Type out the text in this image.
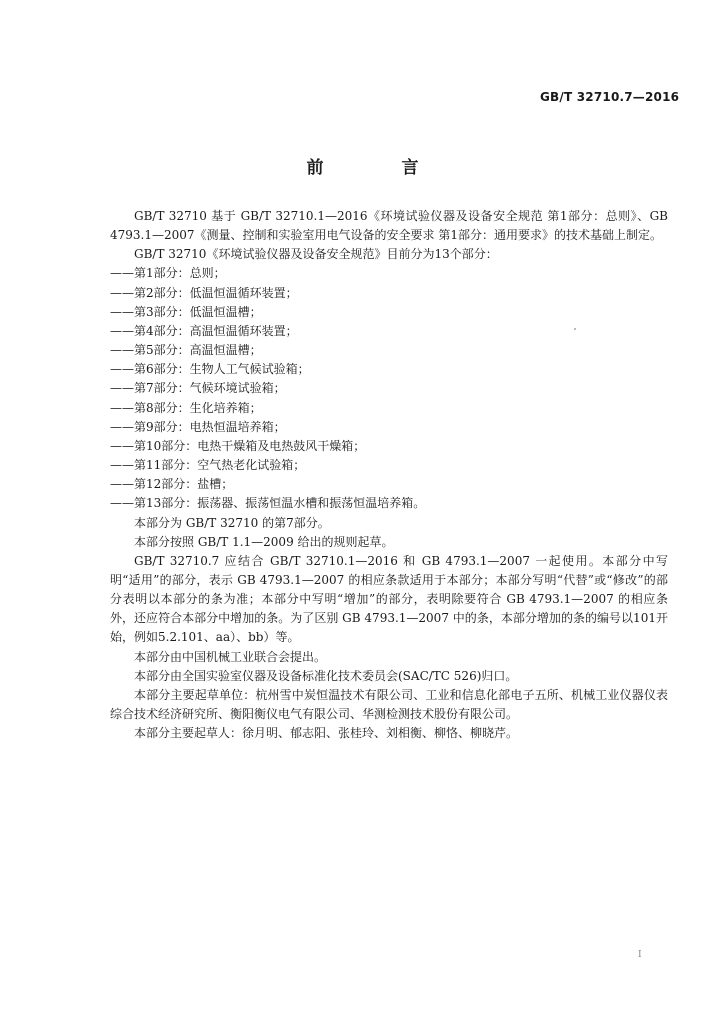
GB/T 32710.7—2016
前 言

GB/T 32710 基于 GB/T 32710.1—2016《环境试验仪器及设备安全规范 第1部分：总则》、GB 4793.1—2007《测量、控制和实验室用电气设备的安全要求 第1部分：通用要求》的技术基础上制定。

GB/T 32710《环境试验仪器及设备安全规范》目前分为13个部分：

——第1部分：总则；

——第2部分：低温恒温循环装置；

——第3部分：低温恒温槽；

——第4部分：高温恒温循环装置；

——第5部分：高温恒温槽；

——第6部分：生物人工气候试验箱；

——第7部分：气候环境试验箱；

——第8部分：生化培养箱；

——第9部分：电热恒温培养箱；

——第10部分：电热干燥箱及电热鼓风干燥箱；

——第11部分：空气热老化试验箱；

——第12部分：盐槽；

——第13部分：振荡器、振荡恒温水槽和振荡恒温培养箱。

本部分为 GB/T 32710 的第7部分。

本部分按照 GB/T 1.1—2009 给出的规则起草。

GB/T 32710.7 应结合 GB/T 32710.1—2016 和 GB 4793.1—2007 一起使用。本部分中写明“适用”的部分，表示 GB 4793.1—2007 的相应条款适用于本部分；本部分写明“代替”或“修改”的部分表明以本部分的条为准；本部分中写明“增加”的部分，表明除要符合 GB 4793.1—2007 的相应条外，还应符合本部分中增加的条。为了区别 GB 4793.1—2007 中的条，本部分增加的条的编号以101开始，例如5.2.101、aa）、bb）等。

本部分由中国机械工业联合会提出。

本部分由全国实验室仪器及设备标准化技术委员会(SAC/TC 526)归口。

本部分主要起草单位：杭州雪中炭恒温技术有限公司、工业和信息化部电子五所、机械工业仪器仪表综合技术经济研究所、衡阳衡仪电气有限公司、华测检测技术股份有限公司。

本部分主要起草人：徐月明、郁志阳、张桂玲、刘相衡、柳恪、柳晓芹。

I
